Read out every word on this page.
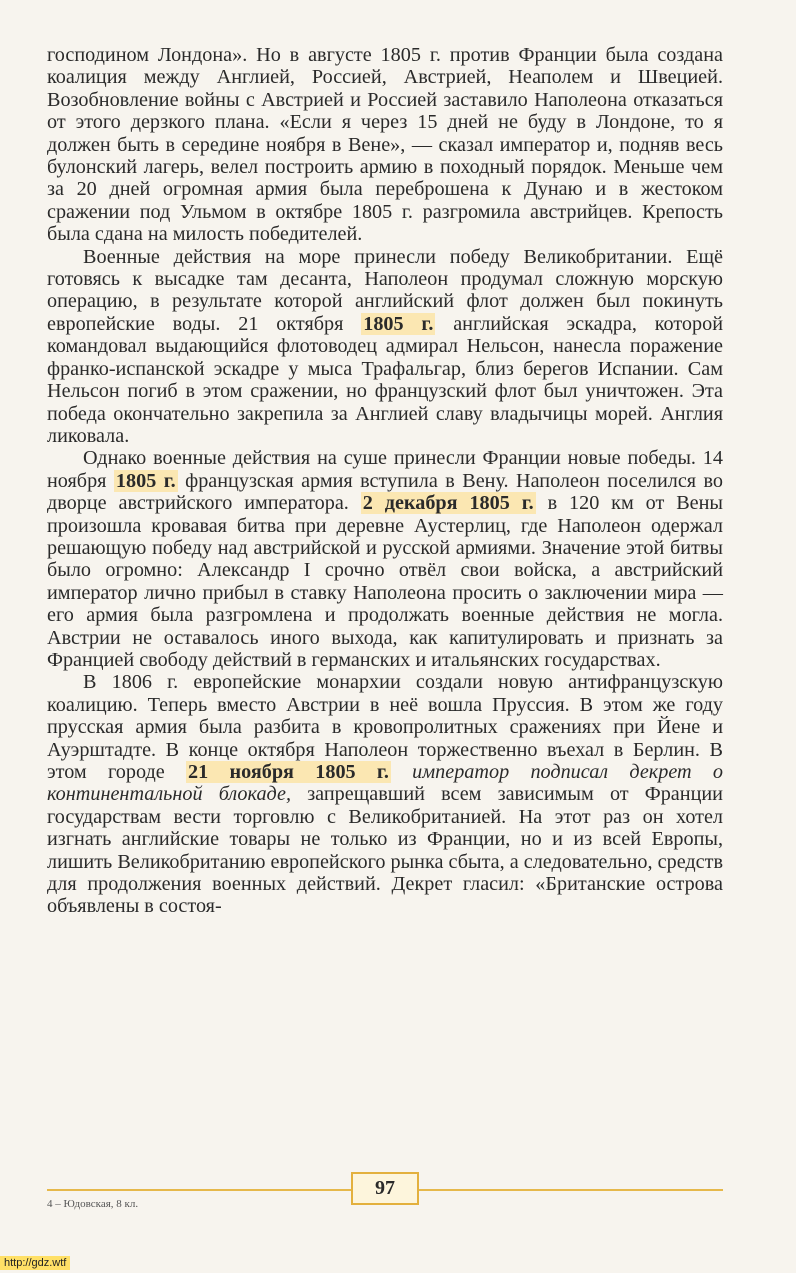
господином Лондона». Но в августе 1805 г. против Франции была создана коалиция между Англией, Россией, Австрией, Неаполем и Швецией. Возобновление войны с Австрией и Россией заставило Наполеона отказаться от этого дерзкого плана. «Если я через 15 дней не буду в Лондоне, то я должен быть в середине ноября в Вене», — сказал император и, подняв весь булонский лагерь, велел построить армию в походный порядок. Меньше чем за 20 дней огромная армия была переброшена к Дунаю и в жестоком сражении под Ульмом в октябре 1805 г. разгромила австрийцев. Крепость была сдана на милость победителей.

Военные действия на море принесли победу Великобритании. Ещё готовясь к высадке там десанта, Наполеон продумал сложную морскую операцию, в результате которой английский флот должен был покинуть европейские воды. 21 октября 1805 г. английская эскадра, которой командовал выдающийся флотоводец адмирал Нельсон, нанесла поражение франко-испанской эскадре у мыса Трафальгар, близ берегов Испании. Сам Нельсон погиб в этом сражении, но французский флот был уничтожен. Эта победа окончательно закрепила за Англией славу владычицы морей. Англия ликовала.

Однако военные действия на суше принесли Франции новые победы. 14 ноября 1805 г. французская армия вступила в Вену. Наполеон поселился во дворце австрийского императора. 2 декабря 1805 г. в 120 км от Вены произошла кровавая битва при деревне Аустерлиц, где Наполеон одержал решающую победу над австрийской и русской армиями. Значение этой битвы было огромно: Александр I срочно отвёл свои войска, а австрийский император лично прибыл в ставку Наполеона просить о заключении мира — его армия была разгромлена и продолжать военные действия не могла. Австрии не оставалось иного выхода, как капитулировать и признать за Францией свободу действий в германских и итальянских государствах.

В 1806 г. европейские монархии создали новую антифранцузскую коалицию. Теперь вместо Австрии в неё вошла Пруссия. В этом же году прусская армия была разбита в кровопролитных сражениях при Йене и Ауэрштадте. В конце октября Наполеон торжественно въехал в Берлин. В этом городе 21 ноября 1805 г. император подписал декрет о континентальной блокаде, запрещавший всем зависимым от Франции государствам вести торговлю с Великобританией. На этот раз он хотел изгнать английские товары не только из Франции, но и из всей Европы, лишить Великобританию европейского рынка сбыта, а следовательно, средств для продолжения военных действий. Декрет гласил: «Британские острова объявлены в состоя-

97
4 – Юдовская, 8 кл.
http://gdz.wtf
